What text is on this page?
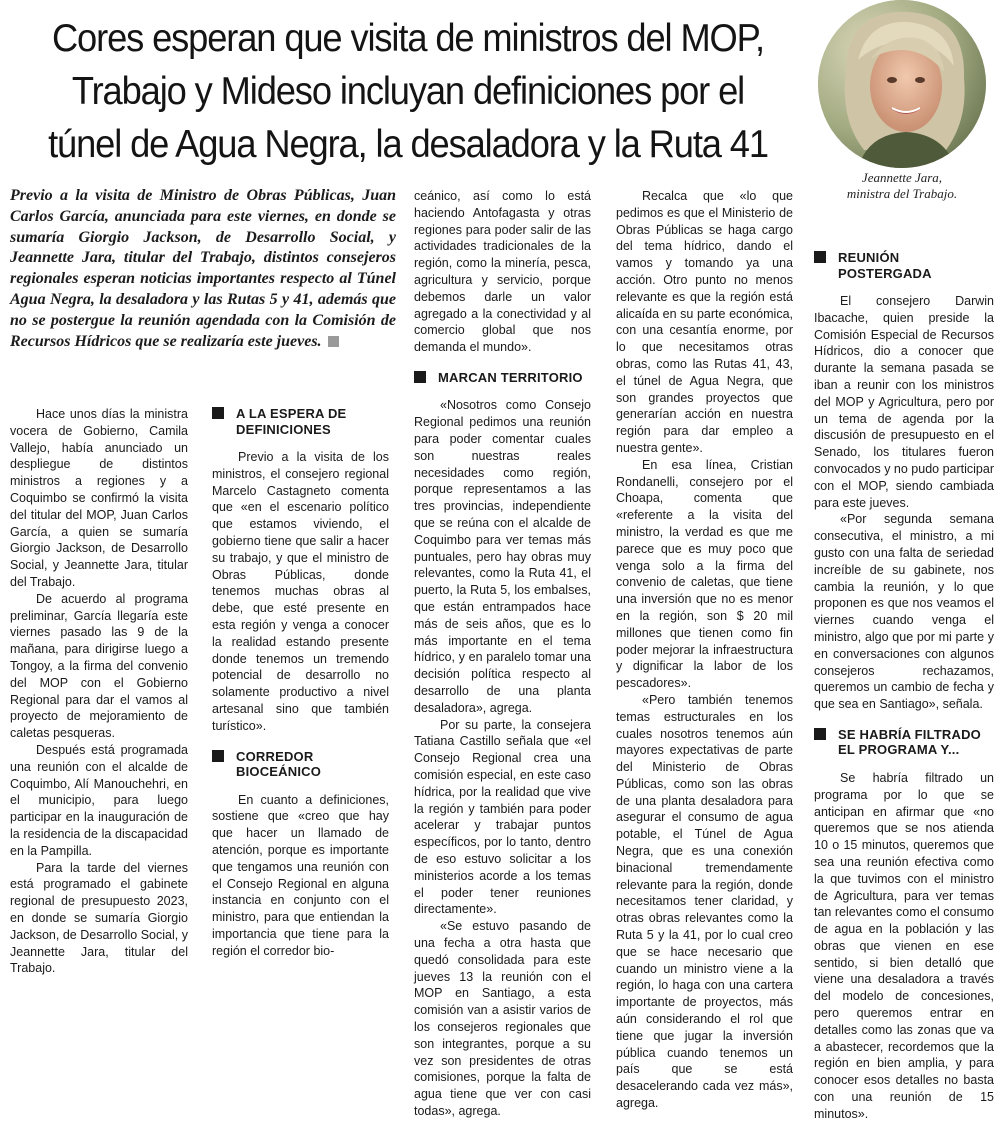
Cores esperan que visita de ministros del MOP,
Trabajo y Mideso incluyan definiciones por el
túnel de Agua Negra, la desaladora y la Ruta 41
Jeannette Jara,
ministra del Trabajo.
Previo a la visita de Ministro de Obras Públicas, Juan Carlos García, anunciada para este viernes, en donde se sumaría Giorgio Jackson, de Desarrollo Social, y Jeannette Jara, titular del Trabajo, distintos consejeros regionales esperan noticias importantes respecto al Túnel Agua Negra, la desaladora y las Rutas 5 y 41, además que no se postergue la reunión agendada con la Comisión de Recursos Hídricos que se realizaría este jueves.

Hace unos días la ministra vocera de Gobierno, Camila Vallejo, había anunciado un despliegue de distintos ministros a regiones y a Coquimbo se confirmó la visita del titular del MOP, Juan Carlos García, a quien se sumaría Giorgio Jackson, de Desarrollo Social, y Jeannette Jara, titular del Trabajo.

De acuerdo al programa preliminar, García llegaría este viernes pasado las 9 de la mañana, para dirigirse luego a Tongoy, a la firma del convenio del MOP con el Gobierno Regional para dar el vamos al proyecto de mejoramiento de caletas pesqueras.

Después está programada una reunión con el alcalde de Coquimbo, Alí Manouchehri, en el municipio, para luego participar en la inauguración de la residencia de la discapacidad en la Pampilla.

Para la tarde del viernes está programado el gabinete regional de presupuesto 2023, en donde se sumaría Giorgio Jackson, de Desarrollo Social, y Jeannette Jara, titular del Trabajo.

A LA ESPERA DE DEFINICIONES

Previo a la visita de los ministros, el consejero regional Marcelo Castagneto comenta que «en el escenario político que estamos viviendo, el gobierno tiene que salir a hacer su trabajo, y que el ministro de Obras Públicas, donde tenemos muchas obras al debe, que esté presente en esta región y venga a conocer la realidad estando presente donde tenemos un tremendo potencial de desarrollo no solamente productivo a nivel artesanal sino que también turístico».

CORREDOR BIOCEÁNICO

En cuanto a definiciones, sostiene que «creo que hay que hacer un llamado de atención, porque es importante que tengamos una reunión con el Consejo Regional en alguna instancia en conjunto con el ministro, para que entiendan la importancia que tiene para la región el corredor bio-

ceánico, así como lo está haciendo Antofagasta y otras regiones para poder salir de las actividades tradicionales de la región, como la minería, pesca, agricultura y servicio, porque debemos darle un valor agregado a la conectividad y al comercio global que nos demanda el mundo».

MARCAN TERRITORIO

«Nosotros como Consejo Regional pedimos una reunión para poder comentar cuales son nuestras reales necesidades como región, porque representamos a las tres provincias, independiente que se reúna con el alcalde de Coquimbo para ver temas más puntuales, pero hay obras muy relevantes, como la Ruta 41, el puerto, la Ruta 5, los embalses, que están entrampados hace más de seis años, que es lo más importante en el tema hídrico, y en paralelo tomar una decisión política respecto al desarrollo de una planta desaladora», agrega.

Por su parte, la consejera Tatiana Castillo señala que «el Consejo Regional crea una comisión especial, en este caso hídrica, por la realidad que vive la región y también para poder acelerar y trabajar puntos específicos, por lo tanto, dentro de eso estuvo solicitar a los ministerios acorde a los temas el poder tener reuniones directamente».

«Se estuvo pasando de una fecha a otra hasta que quedó consolidada para este jueves 13 la reunión con el MOP en Santiago, a esta comisión van a asistir varios de los consejeros regionales que son integrantes, porque a su vez son presidentes de otras comisiones, porque la falta de agua tiene que ver con casi todas», agrega.

Recalca que «lo que pedimos es que el Ministerio de Obras Públicas se haga cargo del tema hídrico, dando el vamos y tomando ya una acción. Otro punto no menos relevante es que la región está alicaída en su parte económica, con una cesantía enorme, por lo que necesitamos otras obras, como las Rutas 41, 43, el túnel de Agua Negra, que son grandes proyectos que generarían acción en nuestra región para dar empleo a nuestra gente».

En esa línea, Cristian Rondanelli, consejero por el Choapa, comenta que «referente a la visita del ministro, la verdad es que me parece que es muy poco que venga solo a la firma del convenio de caletas, que tiene una inversión que no es menor en la región, son $ 20 mil millones que tienen como fin poder mejorar la infraestructura y dignificar la labor de los pescadores».

«Pero también tenemos temas estructurales en los cuales nosotros tenemos aún mayores expectativas de parte del Ministerio de Obras Públicas, como son las obras de una planta desaladora para asegurar el consumo de agua potable, el Túnel de Agua Negra, que es una conexión binacional tremendamente relevante para la región, donde necesitamos tener claridad, y otras obras relevantes como la Ruta 5 y la 41, por lo cual creo que se hace necesario que cuando un ministro viene a la región, lo haga con una cartera importante de proyectos, más aún considerando el rol que tiene que jugar la inversión pública cuando tenemos un país que se está desacelerando cada vez más», agrega.

REUNIÓN POSTERGADA

El consejero Darwin Ibacache, quien preside la Comisión Especial de Recursos Hídricos, dio a conocer que durante la semana pasada se iban a reunir con los ministros del MOP y Agricultura, pero por un tema de agenda por la discusión de presupuesto en el Senado, los titulares fueron convocados y no pudo participar con el MOP, siendo cambiada para este jueves.

«Por segunda semana consecutiva, el ministro, a mi gusto con una falta de seriedad increíble de su gabinete, nos cambia la reunión, y lo que proponen es que nos veamos el viernes cuando venga el ministro, algo que por mi parte y en conversaciones con algunos consejeros rechazamos, queremos un cambio de fecha y que sea en Santiago», señala.

SE HABRÍA FILTRADO EL PROGRAMA Y...

Se habría filtrado un programa por lo que se anticipan en afirmar que «no queremos que se nos atienda 10 o 15 minutos, queremos que sea una reunión efectiva como la que tuvimos con el ministro de Agricultura, para ver temas tan relevantes como el consumo de agua en la población y las obras que vienen en ese sentido, si bien detalló que viene una desaladora a través del modelo de concesiones, pero queremos entrar en detalles como las zonas que va a abastecer, recordemos que la región en bien amplia, y para conocer esos detalles no basta con una reunión de 15 minutos».
